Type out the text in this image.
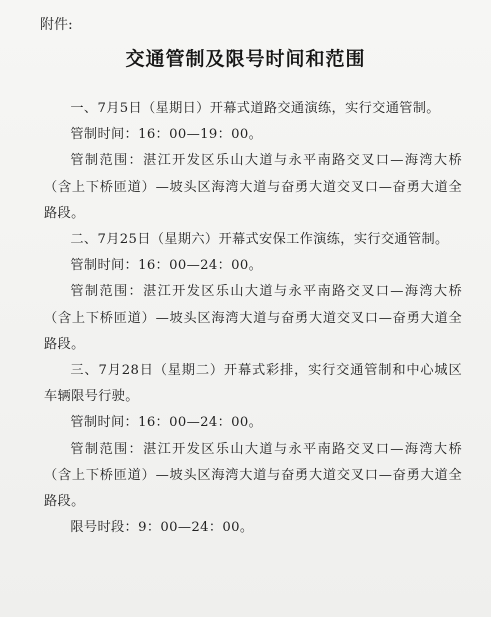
附件:
交通管制及限号时间和范围

一、7月5日（星期日）开幕式道路交通演练，实行交通管制。

管制时间：16：00—19：00。

管制范围：湛江开发区乐山大道与永平南路交叉口—海湾大桥（含上下桥匝道）—坡头区海湾大道与奋勇大道交叉口—奋勇大道全路段。

二、7月25日（星期六）开幕式安保工作演练，实行交通管制。

管制时间：16：00—24：00。

管制范围：湛江开发区乐山大道与永平南路交叉口—海湾大桥（含上下桥匝道）—坡头区海湾大道与奋勇大道交叉口—奋勇大道全路段。

三、7月28日（星期二）开幕式彩排，实行交通管制和中心城区车辆限号行驶。

管制时间：16：00—24：00。

管制范围：湛江开发区乐山大道与永平南路交叉口—海湾大桥（含上下桥匝道）—坡头区海湾大道与奋勇大道交叉口—奋勇大道全路段。

限号时段：9：00—24：00。
